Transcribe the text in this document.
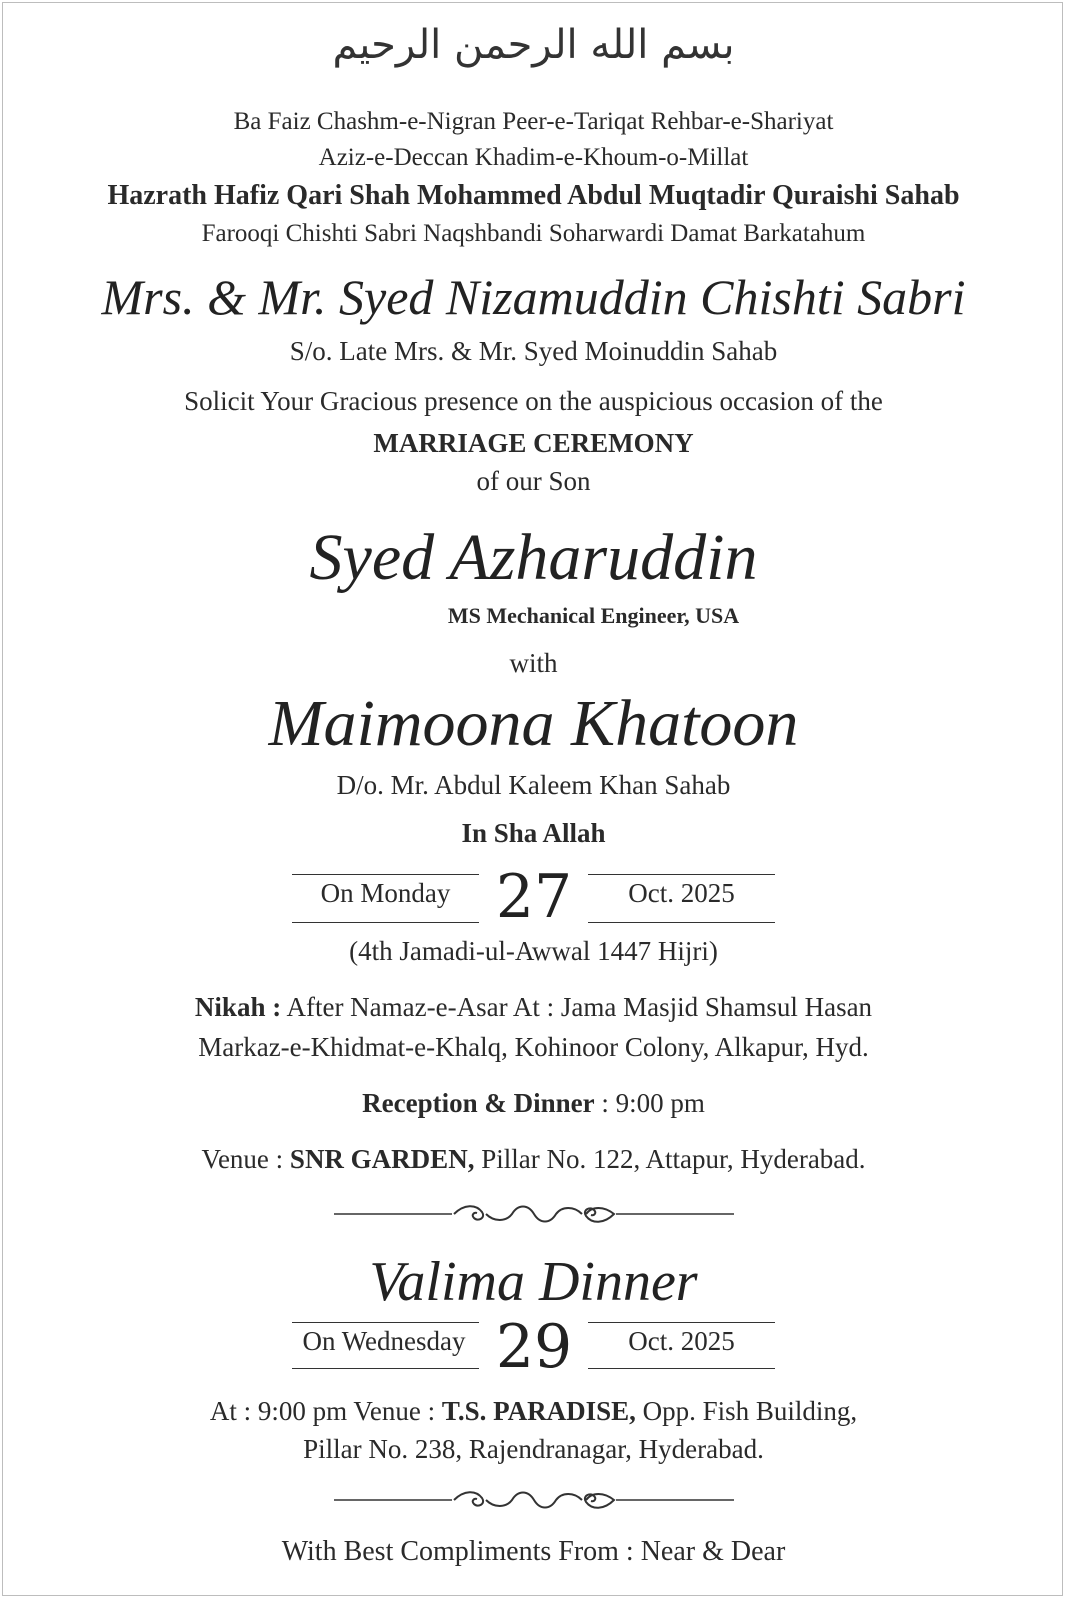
بسم الله الرحمن الرحيم
Ba Faiz Chashm-e-Nigran Peer-e-Tariqat Rehbar-e-Shariyat
Aziz-e-Deccan Khadim-e-Khoum-o-Millat
Hazrath Hafiz Qari Shah Mohammed Abdul Muqtadir Quraishi Sahab
Farooqi Chishti Sabri Naqshbandi Soharwardi Damat Barkatahum
Mrs. & Mr. Syed Nizamuddin Chishti Sabri
S/o. Late Mrs. & Mr. Syed Moinuddin Sahab
Solicit Your Gracious presence on the auspicious occasion of the
MARRIAGE CEREMONY
of our Son
Syed Azharuddin
MS Mechanical Engineer, USA
with
Maimoona Khatoon
D/o. Mr. Abdul Kaleem Khan Sahab
In Sha Allah
On Monday 27	Oct. 2025
(4th Jamadi-ul-Awwal 1447 Hijri)
Nikah : After Namaz-e-Asar At : Jama Masjid Shamsul Hasan
Markaz-e-Khidmat-e-Khalq, Kohinoor Colony, Alkapur, Hyd.
Reception & Dinner : 9:00 pm
Venue : SNR GARDEN, Pillar No. 122, Attapur, Hyderabad.
Valima Dinner
On Wednesday 29	Oct. 2025
At : 9:00 pm Venue : T.S. PARADISE, Opp. Fish Building,
Pillar No. 238, Rajendranagar, Hyderabad.
With Best Compliments From : Near & Dear
